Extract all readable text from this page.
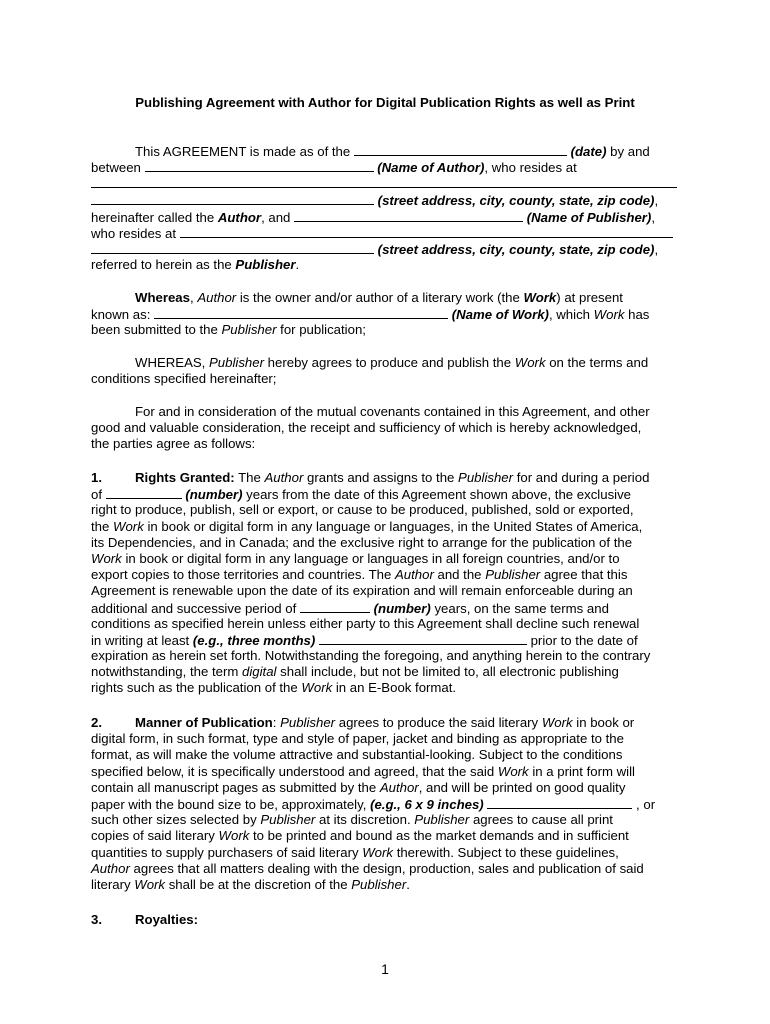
Publishing Agreement with Author for Digital Publication Rights as well as Print
This AGREEMENT is made as of the	(date) by and
between	(Name of Author), who resides at
(street address, city, county, state, zip code),
hereinafter called the Author, and	(Name of Publisher),
who resides at
(street address, city, county, state, zip code),
referred to herein as the Publisher.
Whereas, Author is the owner and/or author of a literary work (the Work) at present
known as:	(Name of Work), which Work has
been submitted to the Publisher for publication;
WHEREAS, Publisher hereby agrees to produce and publish the Work on the terms and
conditions specified hereinafter;
For and in consideration of the mutual covenants contained in this Agreement, and other
good and valuable consideration, the receipt and sufficiency of which is hereby acknowledged,
the parties agree as follows:
1.	Rights Granted: The Author grants and assigns to the Publisher for and during a period
of	(number) years from the date of this Agreement shown above, the exclusive
right to produce, publish, sell or export, or cause to be produced, published, sold or exported,
the Work in book or digital form in any language or languages, in the United States of America,
its Dependencies, and in Canada; and the exclusive right to arrange for the publication of the
Work in book or digital form in any language or languages in all foreign countries, and/or to
export copies to those territories and countries. The Author and the Publisher agree that this
Agreement is renewable upon the date of its expiration and will remain enforceable during an
additional and successive period of	(number) years, on the same terms and
conditions as specified herein unless either party to this Agreement shall decline such renewal
in writing at least (e.g., three months)	prior to the date of
expiration as herein set forth. Notwithstanding the foregoing, and anything herein to the contrary
notwithstanding, the term digital shall include, but not be limited to, all electronic publishing
rights such as the publication of the Work in an E-Book format.
2.	Manner of Publication: Publisher agrees to produce the said literary Work in book or
digital form, in such format, type and style of paper, jacket and binding as appropriate to the
format, as will make the volume attractive and substantial-looking. Subject to the conditions
specified below, it is specifically understood and agreed, that the said Work in a print form will
contain all manuscript pages as submitted by the Author, and will be printed on good quality
paper with the bound size to be, approximately, (e.g., 6 x 9 inches)	, or
such other sizes selected by Publisher at its discretion. Publisher agrees to cause all print
copies of said literary Work to be printed and bound as the market demands and in sufficient
quantities to supply purchasers of said literary Work therewith. Subject to these guidelines,
Author agrees that all matters dealing with the design, production, sales and publication of said
literary Work shall be at the discretion of the Publisher.
3.	Royalties:
1
